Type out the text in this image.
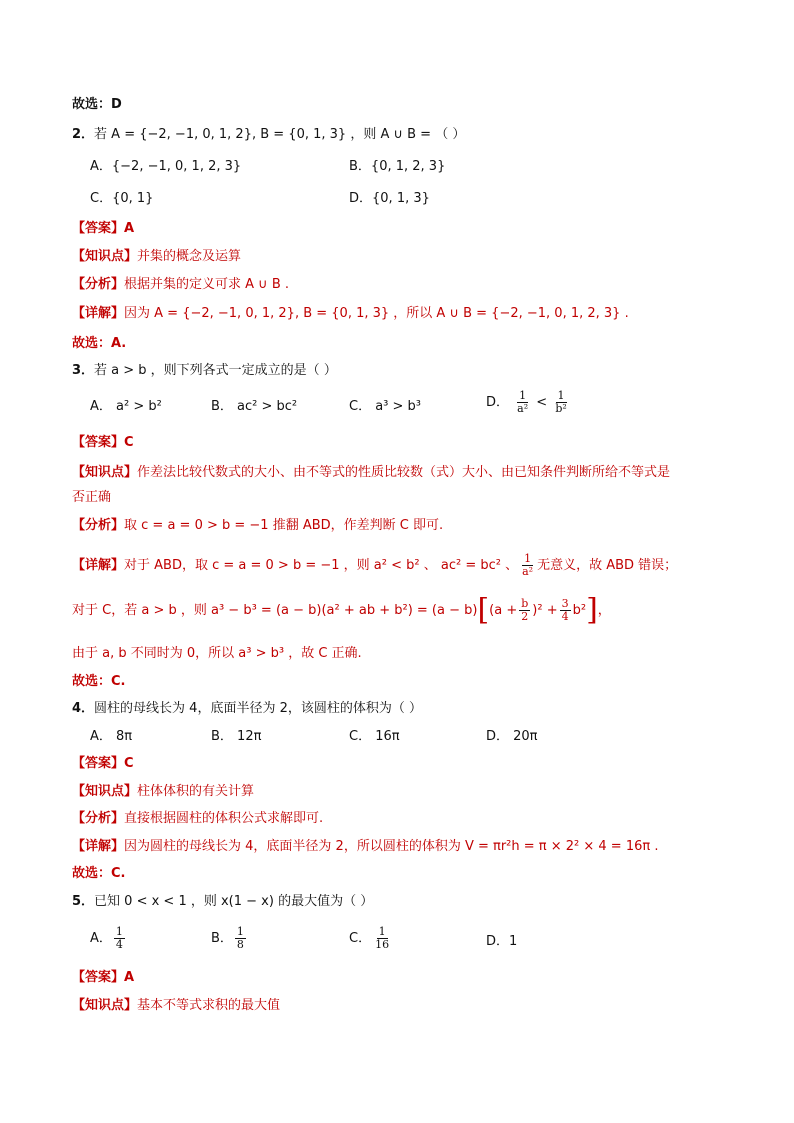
故选：D
2．若 A = {−2, −1, 0, 1, 2}, B = {0, 1, 3} ，则 A ∪ B = （ ）
A．{−2, −1, 0, 1, 2, 3}	B．{0, 1, 2, 3}
C．{0, 1}	D．{0, 1, 3}
【答案】A
【知识点】并集的概念及运算
【分析】根据并集的定义可求 A ∪ B .
【详解】因为 A = {−2, −1, 0, 1, 2}, B = {0, 1, 3} ，所以 A ∪ B = {−2, −1, 0, 1, 2, 3} .
故选：A.
3．若 a > b ，则下列各式一定成立的是（ ）
A． a² > b²	B． ac² > bc²	C． a³ > b³	D． $\frac{1}{\text{a²}} < \frac{1}{\text{b²}}$
【答案】C
【知识点】作差法比较代数式的大小、由不等式的性质比较数（式）大小、由已知条件判断所给不等式是
否正确
【分析】取 c = a = 0 > b = −1 推翻 ABD，作差判断 C 即可.
【详解】对于 ABD，取 c = a = 0 > b = −1 ，则 a² < b² 、 ac² = bc² 、 $\frac{1}{\text{a²}}$ 无意义，故 ABD 错误；
对于 C，若 a > b ，则 a³ − b³ = (a − b)(a² + ab + $b^2) = (a - b)[(a + \frac{b}{2} )^2 + \frac{3}{4} b^2]$，
由于 a, b 不同时为 0，所以 a³ > b³ ，故 C 正确.
故选：C.
4．圆柱的母线长为 4，底面半径为 2，该圆柱的体积为（ ）
A． 8π	B． 12π	C． 16π	D． 20π
【答案】C
【知识点】柱体体积的有关计算
【分析】直接根据圆柱的体积公式求解即可.
【详解】因为圆柱的母线长为 4，底面半径为 2，所以圆柱的体积为 V = πr²h = π × 2² × 4 = 16π .
故选：C.
5．已知 0 < x < 1 ，则 x(1 − x) 的最大值为（ ）
A． $\frac{1}{4}$	B． $\frac{1}{8}$	C． $\frac{1}{16}$	D．1
【答案】A
【知识点】基本不等式求积的最大值
